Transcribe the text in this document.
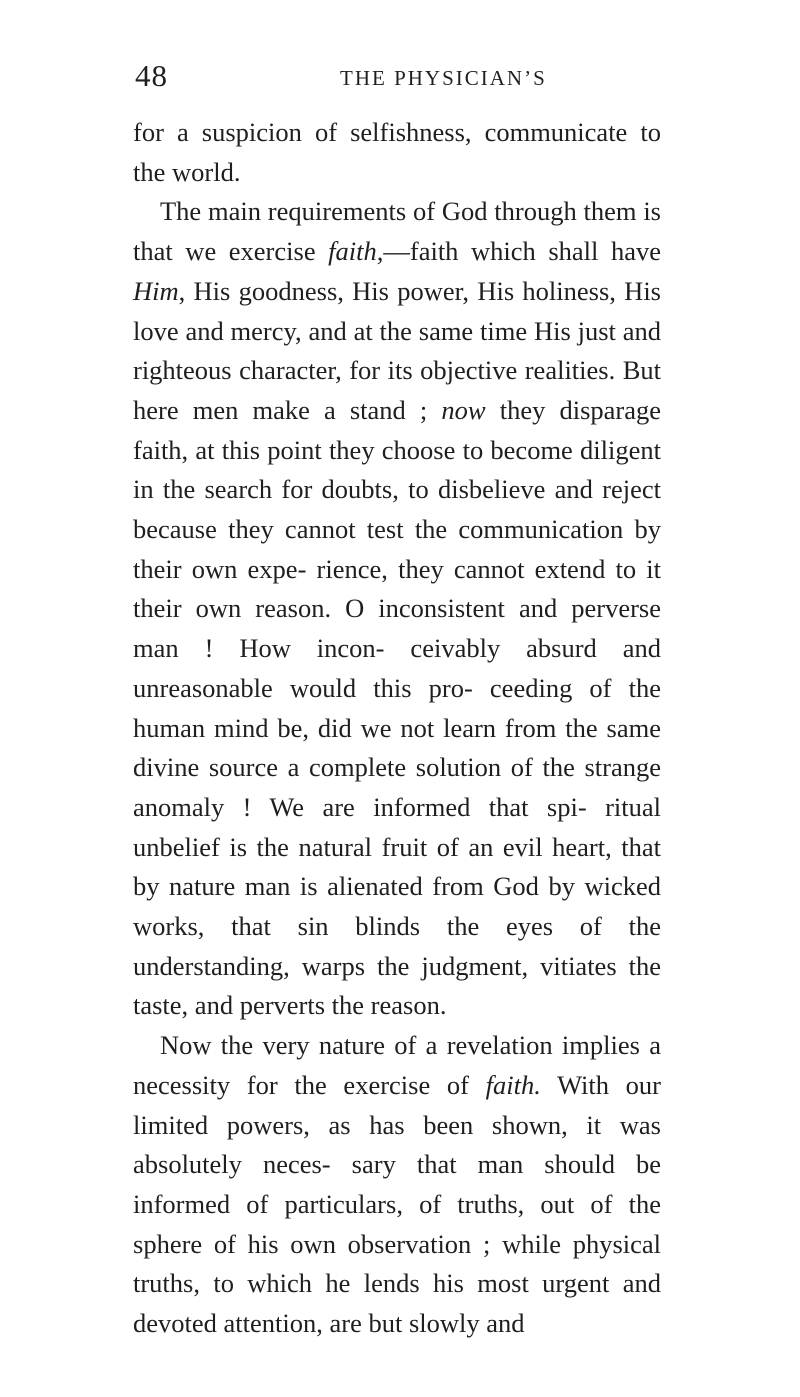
48	THE PHYSICIAN’S

for a suspicion of selfishness, communicate to the world.

The main requirements of God through them is that we exercise faith,—faith which shall have Him, His goodness, His power, His holiness, His love and mercy, and at the same time His just and righteous character, for its objective realities. But here men make a stand ; now they disparage faith, at this point they choose to become diligent in the search for doubts, to disbelieve and reject because they cannot test the communication by their own expe- rience, they cannot extend to it their own reason. O inconsistent and perverse man ! How incon- ceivably absurd and unreasonable would this pro- ceeding of the human mind be, did we not learn from the same divine source a complete solution of the strange anomaly ! We are informed that spi- ritual unbelief is the natural fruit of an evil heart, that by nature man is alienated from God by wicked works, that sin blinds the eyes of the understanding, warps the judgment, vitiates the taste, and perverts the reason.

Now the very nature of a revelation implies a necessity for the exercise of faith. With our limited powers, as has been shown, it was absolutely neces- sary that man should be informed of particulars, of truths, out of the sphere of his own observation ; while physical truths, to which he lends his most urgent and devoted attention, are but slowly and
